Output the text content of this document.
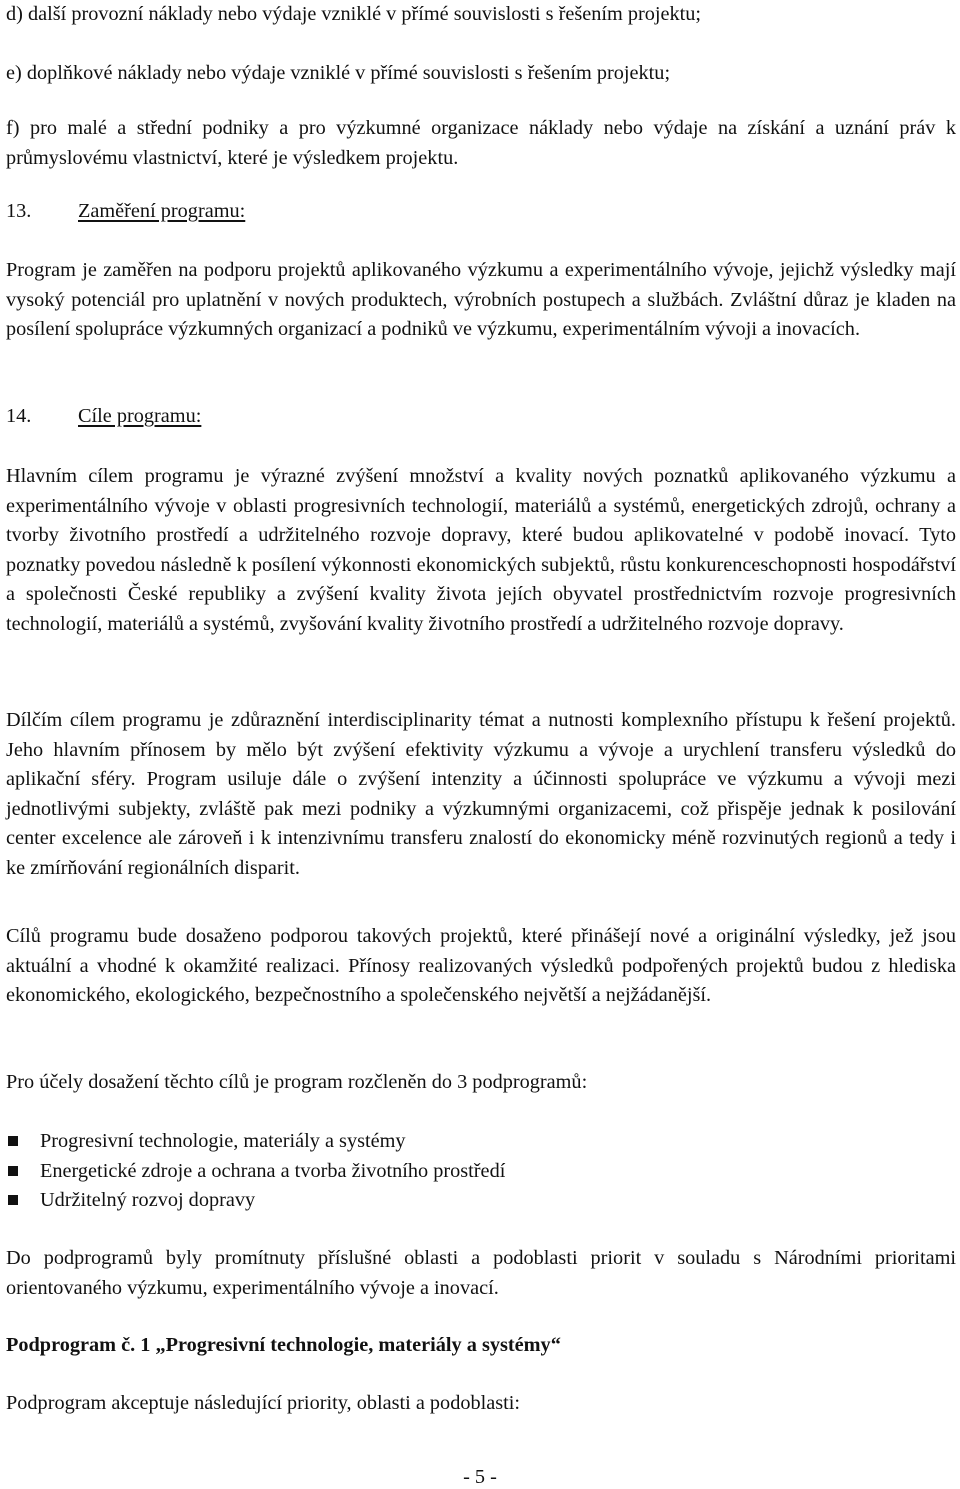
d) další provozní náklady nebo výdaje vzniklé v přímé souvislosti s řešením projektu;

e) doplňkové náklady nebo výdaje vzniklé v přímé souvislosti s řešením projektu;

f) pro malé a střední podniky a pro výzkumné organizace náklady nebo výdaje na získání a uznání práv k průmyslovému vlastnictví, které je výsledkem projektu.

13. Zaměření programu:

Program je zaměřen na podporu projektů aplikovaného výzkumu a experimentálního vývoje, jejichž výsledky mají vysoký potenciál pro uplatnění v nových produktech, výrobních postupech a službách. Zvláštní důraz je kladen na posílení spolupráce výzkumných organizací a podniků ve výzkumu, experimentálním vývoji a inovacích.

14. Cíle programu:

Hlavním cílem programu je výrazné zvýšení množství a kvality nových poznatků aplikovaného výzkumu a experimentálního vývoje v oblasti progresivních technologií, materiálů a systémů, energetických zdrojů, ochrany a tvorby životního prostředí a udržitelného rozvoje dopravy, které budou aplikovatelné v podobě inovací. Tyto poznatky povedou následně k posílení výkonnosti ekonomických subjektů, růstu konkurenceschopnosti hospodářství a společnosti České republiky a zvýšení kvality života jejích obyvatel prostřednictvím rozvoje progresivních technologií, materiálů a systémů, zvyšování kvality životního prostředí a udržitelného rozvoje dopravy.

Dílčím cílem programu je zdůraznění interdisciplinarity témat a nutnosti komplexního přístupu k řešení projektů. Jeho hlavním přínosem by mělo být zvýšení efektivity výzkumu a vývoje a urychlení transferu výsledků do aplikační sféry. Program usiluje dále o zvýšení intenzity a účinnosti spolupráce ve výzkumu a vývoji mezi jednotlivými subjekty, zvláště pak mezi podniky a výzkumnými organizacemi, což přispěje jednak k posilování center excelence ale zároveň i k intenzivnímu transferu znalostí do ekonomicky méně rozvinutých regionů a tedy i ke zmírňování regionálních disparit.

Cílů programu bude dosaženo podporou takových projektů, které přinášejí nové a originální výsledky, jež jsou aktuální a vhodné k okamžité realizaci. Přínosy realizovaných výsledků podpořených projektů budou z hlediska ekonomického, ekologického, bezpečnostního a společenského největší a nejžádanější.

Pro účely dosažení těchto cílů je program rozčleněn do 3 podprogramů:

Progresivní technologie, materiály a systémy
Energetické zdroje a ochrana a tvorba životního prostředí
Udržitelný rozvoj dopravy

Do podprogramů byly promítnuty příslušné oblasti a podoblasti priorit v souladu s Národními prioritami orientovaného výzkumu, experimentálního vývoje a inovací.

Podprogram č. 1 „Progresivní technologie, materiály a systémy“

Podprogram akceptuje následující priority, oblasti a podoblasti:

- 5 -
